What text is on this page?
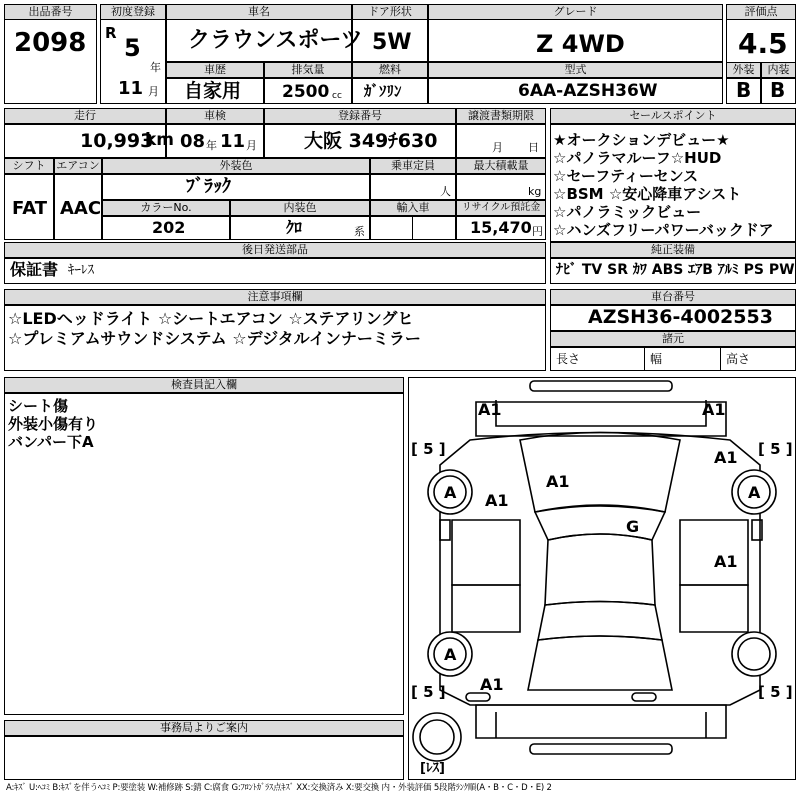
出品番号
2098
初度登録
R
5
年
11 月
車名
クラウンスポーツ
ドア形状
5W
グレード
Z 4WD
評価点
4.5
外装	内装
B B
車歴
自家用
排気量
2500 cc
燃料
ｶﾞｿﾘﾝ
型式
6AA-AZSH36W
走行
10,993
km
車検
08 年 11 月
登録番号
大阪 349ﾁ630
譲渡書類期限
月 日
シフト エアコン
FAT AAC
外装色
ﾌﾞﾗｯｸ
乗車定員
人
最大積載量
kg
カラーNo.
202
内装色
ｸﾛ	系
輸入車	リサイクル預託金
15,470 円
後日発送部品
保証書 ｷｰﾚｽ
セールスポイント
★オークションデビュー★
☆パノラマルーフ☆HUD
☆セーフティーセンス
☆BSM ☆安心降車アシスト
☆パノラミックビュー
☆ハンズフリーパワーバックドア
純正装備
ﾅﾋﾞ TV SR ｶﾜ ABS ｴｱB ｱﾙﾐ PS PW
注意事項欄
☆LEDヘッドライト ☆シートエアコン ☆ステアリングヒ
☆プレミアムサウンドシステム ☆デジタルインナーミラー
車台番号
AZSH36-4002553
諸元
長さ	幅	高さ
検査員記入欄
シート傷
外装小傷有り
バンパー下A
事務局よりご案内
A1	A1
A1
A1
A1
G
A1
A1
A	A
A
[ 5 ]	[ 5 ]
[ 5 ]	[ 5 ]
[ﾚｽ]
A:ｷｽﾞ U:ﾍｺﾐ B:ｷｽﾞを伴うﾍｺﾐ P:要塗装 W:補修跡 S:錆 C:腐食 G:ﾌﾛﾝﾄｶﾞﾗｽ点ｷｽﾞ XX:交換済み X:要交換 内・外装評価 5段階ﾗﾝｸ順(A・B・C・D・E) 2
